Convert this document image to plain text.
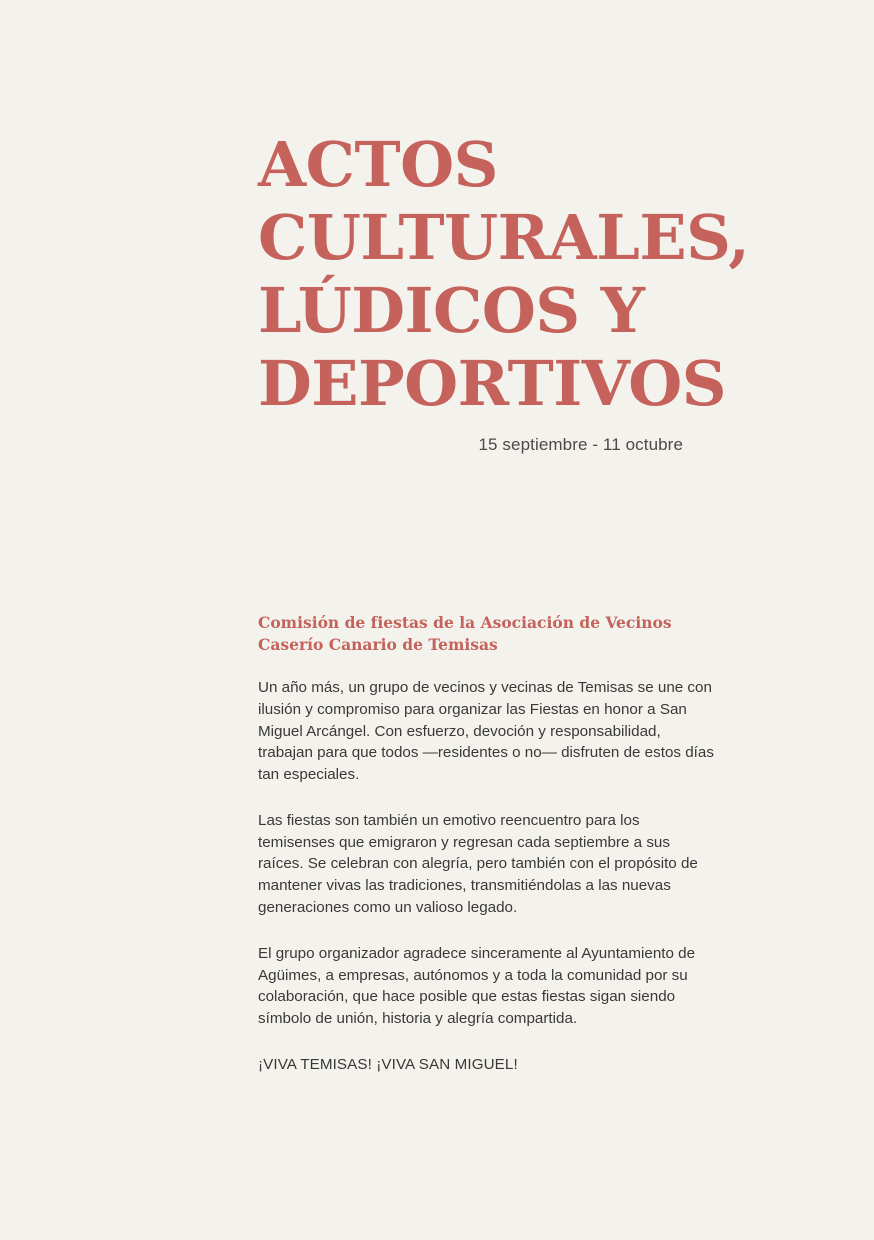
ACTOS CULTURALES, LÚDICOS Y DEPORTIVOS

15 septiembre - 11 octubre

Comisión de fiestas de la Asociación de Vecinos Caserío Canario de Temisas

Un año más, un grupo de vecinos y vecinas de Temisas se une con ilusión y compromiso para organizar las Fiestas en honor a San Miguel Arcángel. Con esfuerzo, devoción y responsabilidad, trabajan para que todos —residentes o no— disfruten de estos días tan especiales.

Las fiestas son también un emotivo reencuentro para los temisenses que emigraron y regresan cada septiembre a sus raíces. Se celebran con alegría, pero también con el propósito de mantener vivas las tradiciones, transmitiéndolas a las nuevas generaciones como un valioso legado.

El grupo organizador agradece sinceramente al Ayuntamiento de Agüimes, a empresas, autónomos y a toda la comunidad por su colaboración, que hace posible que estas fiestas sigan siendo símbolo de unión, historia y alegría compartida.

¡VIVA TEMISAS! ¡VIVA SAN MIGUEL!
